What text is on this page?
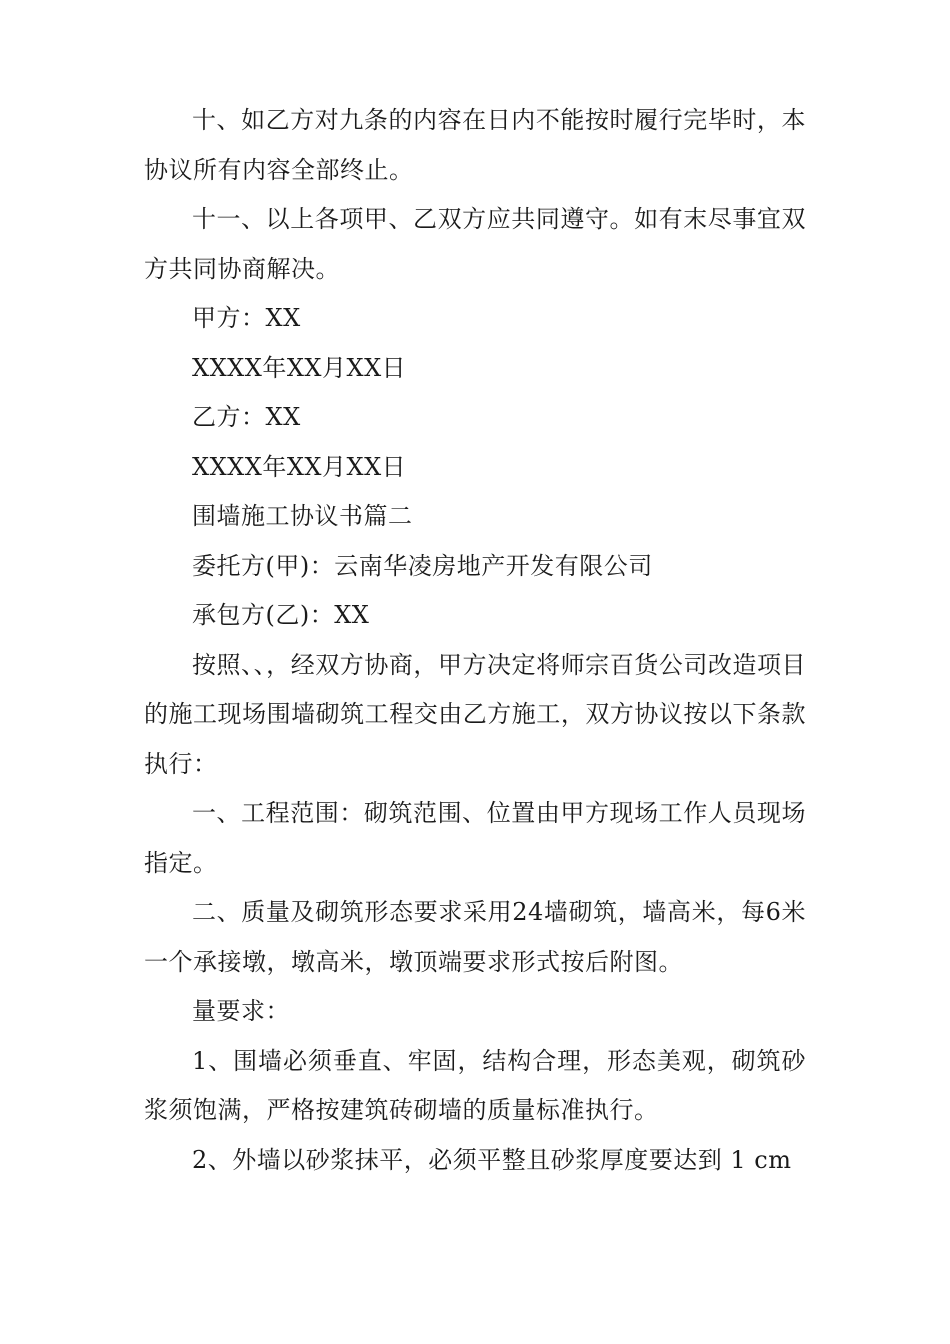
十、如乙方对九条的内容在日内不能按时履行完毕时，本协议所有内容全部终止。

十一、以上各项甲、乙双方应共同遵守。如有末尽事宜双方共同协商解决。

甲方：XX

XXXX年XX月XX日

乙方：XX

XXXX年XX月XX日

围墙施工协议书篇二

委托方(甲)：云南华凌房地产开发有限公司

承包方(乙)：XX

按照、、，经双方协商，甲方决定将师宗百货公司改造项目的施工现场围墙砌筑工程交由乙方施工，双方协议按以下条款执行：

一、工程范围：砌筑范围、位置由甲方现场工作人员现场指定。

二、质量及砌筑形态要求采用24墙砌筑，墙高米，每6米一个承接墩，墩高米，墩顶端要求形式按后附图。

量要求：

1、围墙必须垂直、牢固，结构合理，形态美观，砌筑砂浆须饱满，严格按建筑砖砌墙的质量标准执行。

2、外墙以砂浆抹平，必须平整且砂浆厚度要达到 1 cm
